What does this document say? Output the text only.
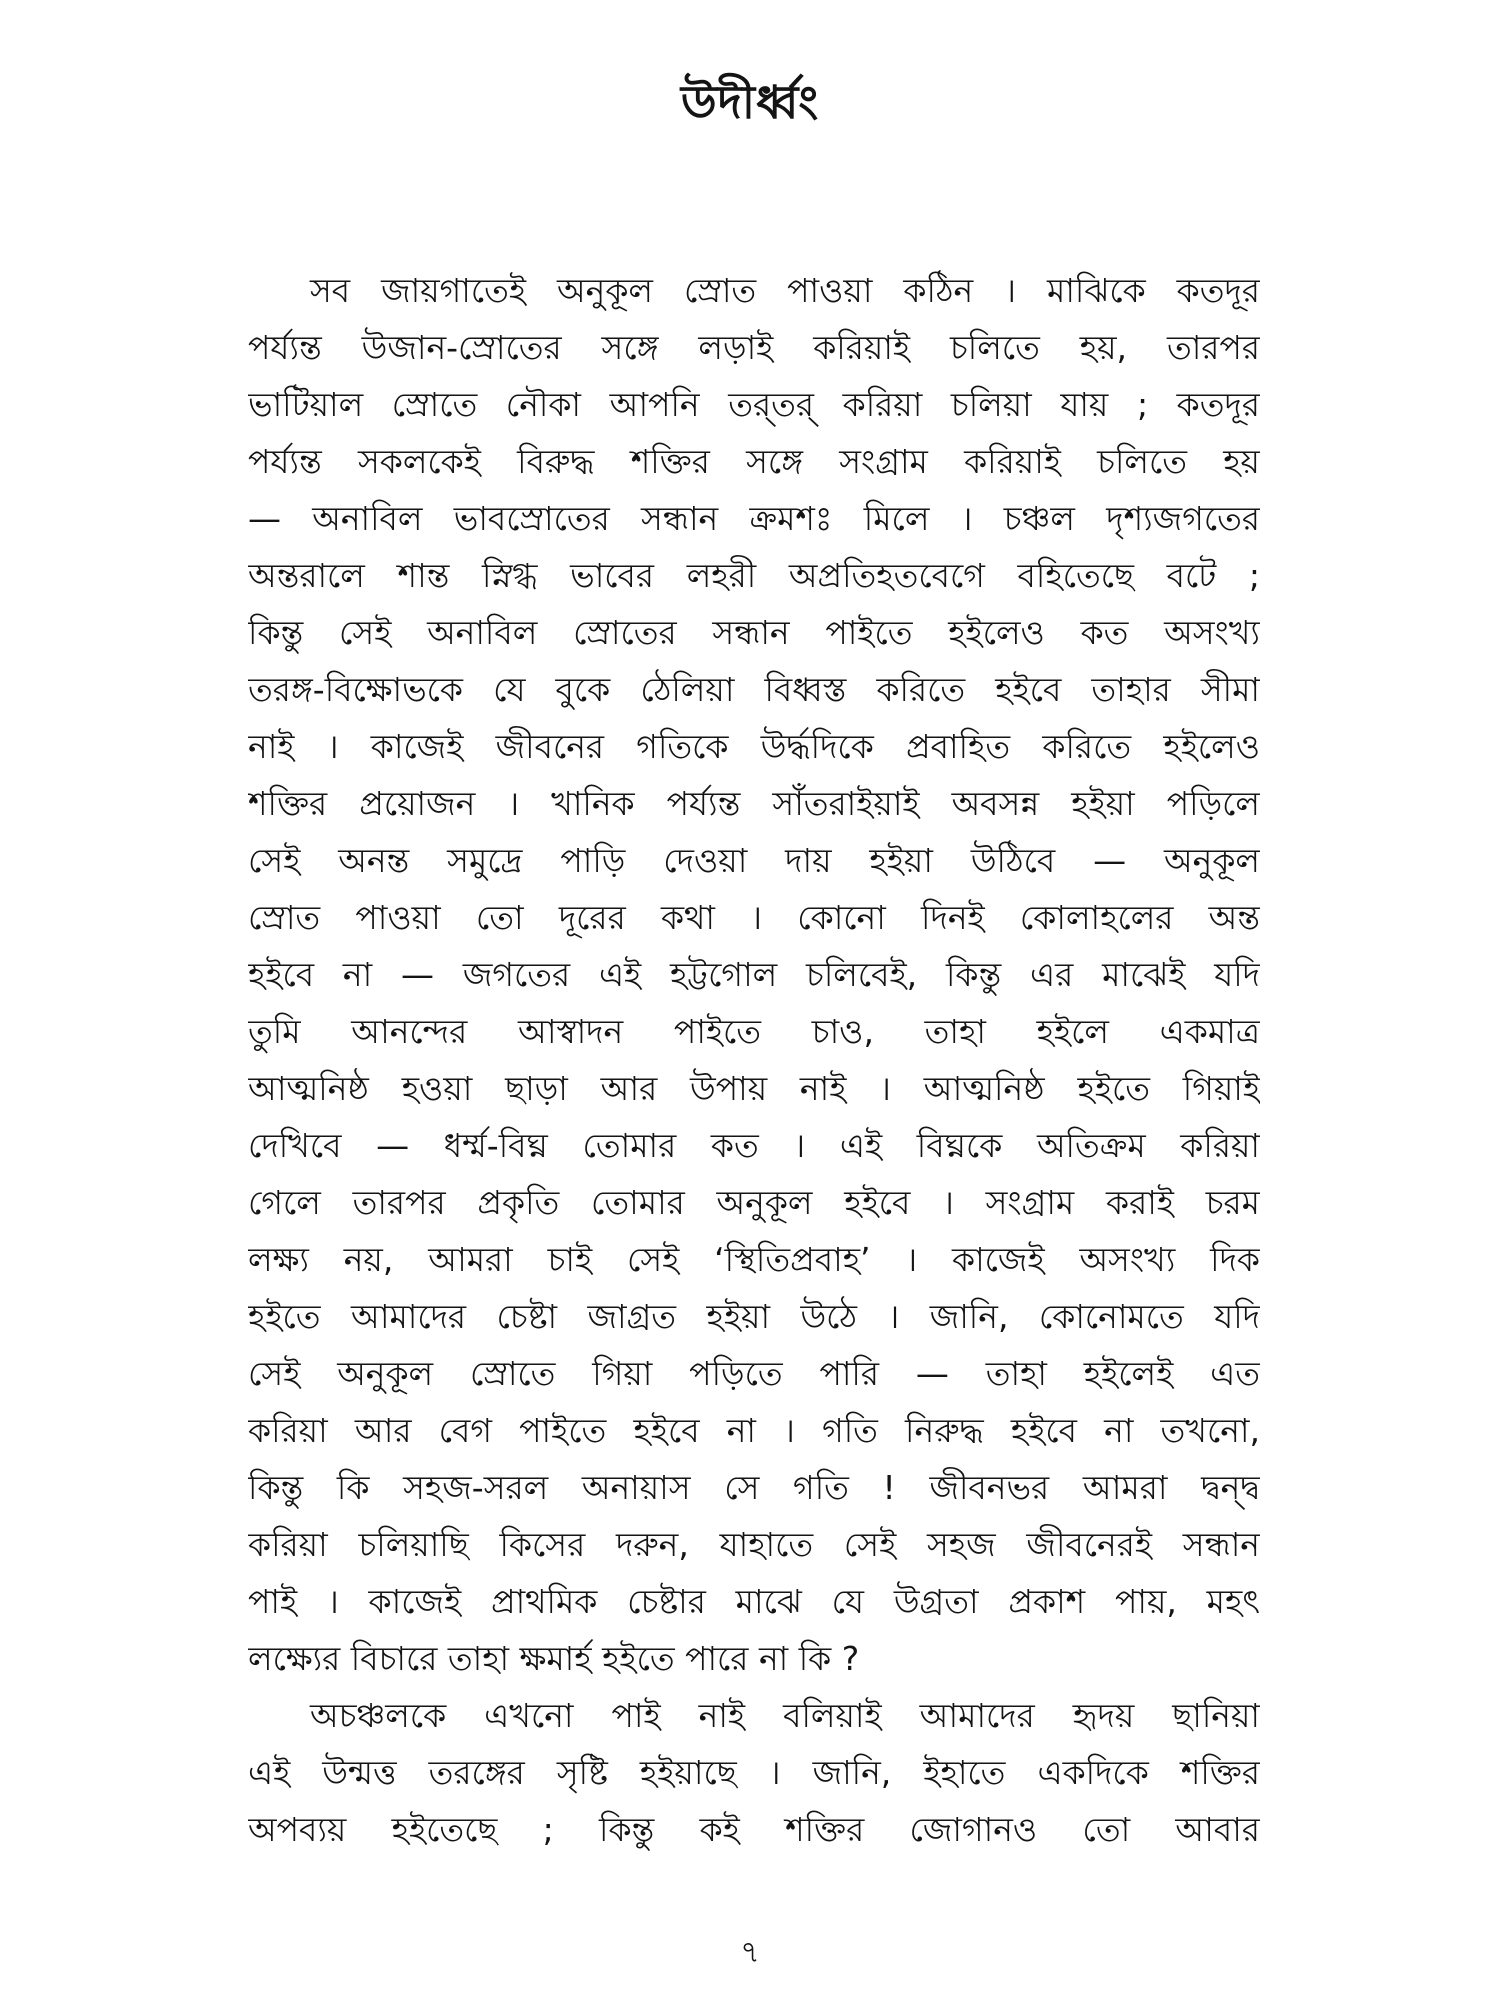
উদীর্ধ্বং
সব জায়গাতেই অনুকূল স্রোত পাওয়া কঠিন । মাঝিকে কতদূর
পর্য্যন্ত উজান-স্রোতের সঙ্গে লড়াই করিয়াই চলিতে হয়, তারপর
ভাটিয়াল স্রোতে নৌকা আপনি তর্‌তর্‌ করিয়া চলিয়া যায় ; কতদূর
পর্য্যন্ত সকলকেই বিরুদ্ধ শক্তির সঙ্গে সংগ্রাম করিয়াই চলিতে হয়
— অনাবিল ভাবস্রোতের সন্ধান ক্রমশঃ মিলে । চঞ্চল দৃশ্যজগতের
অন্তরালে শান্ত স্নিগ্ধ ভাবের লহরী অপ্রতিহতবেগে বহিতেছে বটে ;
কিন্তু সেই অনাবিল স্রোতের সন্ধান পাইতে হইলেও কত অসংখ্য
তরঙ্গ-বিক্ষোভকে যে বুকে ঠেলিয়া বিধ্বস্ত করিতে হইবে তাহার সীমা
নাই । কাজেই জীবনের গতিকে উর্দ্ধদিকে প্রবাহিত করিতে হইলেও
শক্তির প্রয়োজন । খানিক পর্য্যন্ত সাঁতরাইয়াই অবসন্ন হইয়া পড়িলে
সেই অনন্ত সমুদ্রে পাড়ি দেওয়া দায় হইয়া উঠিবে — অনুকূল
স্রোত পাওয়া তো দূরের কথা । কোনো দিনই কোলাহলের অন্ত
হইবে না — জগতের এই হট্টগোল চলিবেই, কিন্তু এর মাঝেই যদি
তুমি আনন্দের আস্বাদন পাইতে চাও, তাহা হইলে একমাত্র
আত্মনিষ্ঠ হওয়া ছাড়া আর উপায় নাই । আত্মনিষ্ঠ হইতে গিয়াই
দেখিবে — ধর্ম্ম-বিঘ্ন তোমার কত । এই বিঘ্নকে অতিক্রম করিয়া
গেলে তারপর প্রকৃতি তোমার অনুকূল হইবে । সংগ্রাম করাই চরম
লক্ষ্য নয়, আমরা চাই সেই ‘স্থিতিপ্রবাহ’ । কাজেই অসংখ্য দিক
হইতে আমাদের চেষ্টা জাগ্রত হইয়া উঠে । জানি, কোনোমতে যদি
সেই অনুকূল স্রোতে গিয়া পড়িতে পারি — তাহা হইলেই এত
করিয়া আর বেগ পাইতে হইবে না । গতি নিরুদ্ধ হইবে না তখনো,
কিন্তু কি সহজ-সরল অনায়াস সে গতি ! জীবনভর আমরা দ্বন্দ্ব
করিয়া চলিয়াছি কিসের দরুন, যাহাতে সেই সহজ জীবনেরই সন্ধান
পাই । কাজেই প্রাথমিক চেষ্টার মাঝে যে উগ্রতা প্রকাশ পায়, মহৎ
লক্ষ্যের বিচারে তাহা ক্ষমার্হ হইতে পারে না কি ?
অচঞ্চলকে এখনো পাই নাই বলিয়াই আমাদের হৃদয় ছানিয়া
এই উন্মত্ত তরঙ্গের সৃষ্টি হইয়াছে । জানি, ইহাতে একদিকে শক্তির
অপব্যয় হইতেছে ; কিন্তু কই শক্তির জোগানও তো আবার
৭
